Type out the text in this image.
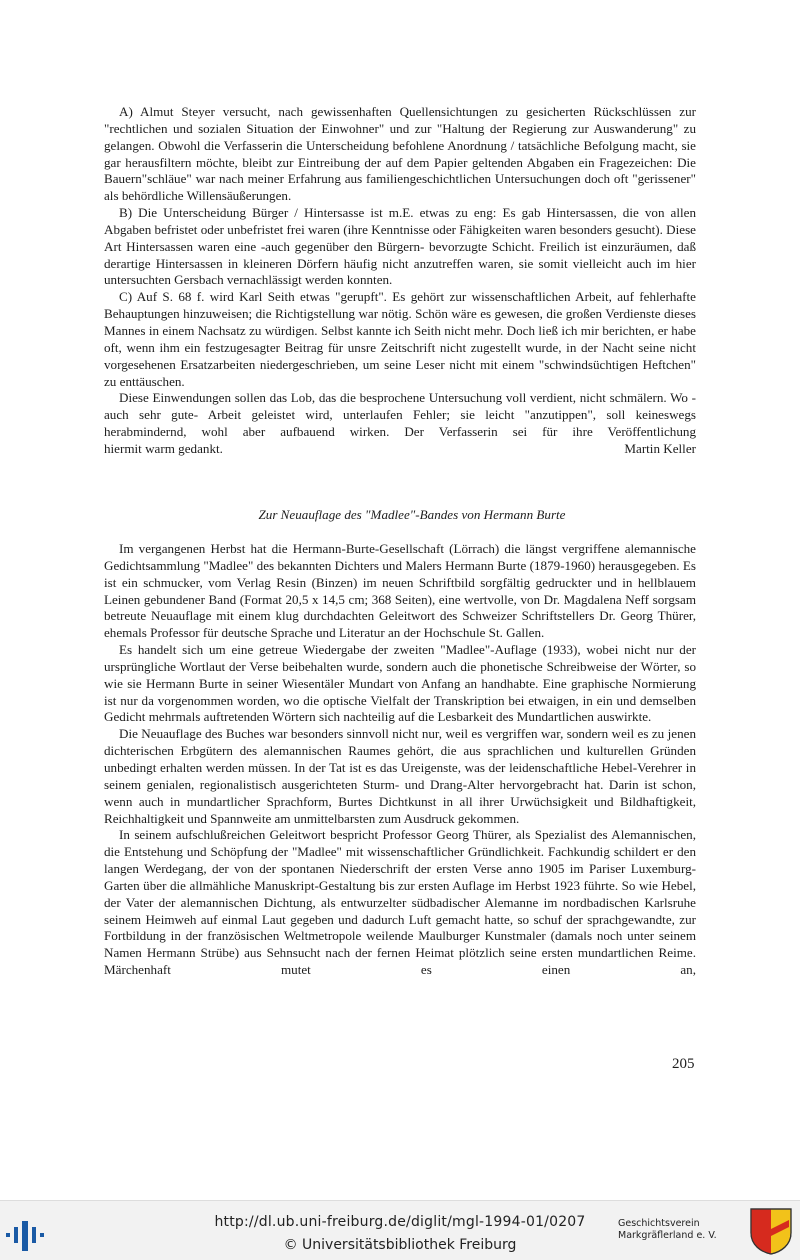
A) Almut Steyer versucht, nach gewissenhaften Quellensichtungen zu gesicherten Rückschlüssen zur "rechtlichen und sozialen Situation der Einwohner" und zur "Haltung der Regierung zur Auswanderung" zu gelangen. Obwohl die Verfasserin die Unterscheidung befohlene Anordnung / tatsächliche Befolgung macht, sie gar herausfiltern möchte, bleibt zur Eintreibung der auf dem Papier geltenden Abgaben ein Fragezeichen: Die Bauern"schläue" war nach meiner Erfahrung aus familiengeschichtlichen Untersuchungen doch oft "gerissener" als behördliche Willensäußerungen.

B) Die Unterscheidung Bürger / Hintersasse ist m.E. etwas zu eng: Es gab Hintersassen, die von allen Abgaben befristet oder unbefristet frei waren (ihre Kenntnisse oder Fähigkeiten waren besonders gesucht). Diese Art Hintersassen waren eine -auch gegenüber den Bürgern- bevorzugte Schicht. Freilich ist einzuräumen, daß derartige Hintersassen in kleineren Dörfern häufig nicht anzutreffen waren, sie somit vielleicht auch im hier untersuchten Gersbach vernachlässigt werden konnten.

C) Auf S. 68 f. wird Karl Seith etwas "gerupft". Es gehört zur wissenschaftlichen Arbeit, auf fehlerhafte Behauptungen hinzuweisen; die Richtigstellung war nötig. Schön wäre es gewesen, die großen Verdienste dieses Mannes in einem Nachsatz zu würdigen. Selbst kannte ich Seith nicht mehr. Doch ließ ich mir berichten, er habe oft, wenn ihm ein festzugesagter Beitrag für unsre Zeitschrift nicht zugestellt wurde, in der Nacht seine nicht vorgesehenen Ersatzarbeiten niedergeschrieben, um seine Leser nicht mit einem "schwindsüchtigen Heftchen" zu enttäuschen.

Diese Einwendungen sollen das Lob, das die besprochene Untersuchung voll verdient, nicht schmälern. Wo -auch sehr gute- Arbeit geleistet wird, unterlaufen Fehler; sie leicht "anzutippen", soll keineswegs herabmindernd, wohl aber aufbauend wirken. Der Verfasserin sei für ihre Veröffentlichung

hiermit warm gedankt.	Martin Keller
Zur Neuauflage des "Madlee"-Bandes von Hermann Burte

Im vergangenen Herbst hat die Hermann-Burte-Gesellschaft (Lörrach) die längst vergriffene alemannische Gedichtsammlung "Madlee" des bekannten Dichters und Malers Hermann Burte (1879-1960) herausgegeben. Es ist ein schmucker, vom Verlag Resin (Binzen) im neuen Schriftbild sorgfältig gedruckter und in hellblauem Leinen gebundener Band (Format 20,5 x 14,5 cm; 368 Seiten), eine wertvolle, von Dr. Magdalena Neff sorgsam betreute Neuauflage mit einem klug durchdachten Geleitwort des Schweizer Schriftstellers Dr. Georg Thürer, ehemals Professor für deutsche Sprache und Literatur an der Hochschule St. Gallen.

Es handelt sich um eine getreue Wiedergabe der zweiten "Madlee"-Auflage (1933), wobei nicht nur der ursprüngliche Wortlaut der Verse beibehalten wurde, sondern auch die phonetische Schreibweise der Wörter, so wie sie Hermann Burte in seiner Wiesentäler Mundart von Anfang an handhabte. Eine graphische Normierung ist nur da vorgenommen worden, wo die optische Vielfalt der Transkription bei etwaigen, in ein und demselben Gedicht mehrmals auftretenden Wörtern sich nachteilig auf die Lesbarkeit des Mundartlichen auswirkte.

Die Neuauflage des Buches war besonders sinnvoll nicht nur, weil es vergriffen war, sondern weil es zu jenen dichterischen Erbgütern des alemannischen Raumes gehört, die aus sprachlichen und kulturellen Gründen unbedingt erhalten werden müssen. In der Tat ist es das Ureigenste, was der leidenschaftliche Hebel-Verehrer in seinem genialen, regionalistisch ausgerichteten Sturm- und Drang-Alter hervorgebracht hat. Darin ist schon, wenn auch in mundartlicher Sprachform, Burtes Dichtkunst in all ihrer Urwüchsigkeit und Bildhaftigkeit, Reichhaltigkeit und Spannweite am unmittelbarsten zum Ausdruck gekommen.

In seinem aufschlußreichen Geleitwort bespricht Professor Georg Thürer, als Spezialist des Alemannischen, die Entstehung und Schöpfung der "Madlee" mit wissenschaftlicher Gründlichkeit. Fachkundig schildert er den langen Werdegang, der von der spontanen Niederschrift der ersten Verse anno 1905 im Pariser Luxemburg-Garten über die allmähliche Manuskript-Gestaltung bis zur ersten Auflage im Herbst 1923 führte. So wie Hebel, der Vater der alemannischen Dichtung, als entwurzelter südbadischer Alemanne im nordbadischen Karlsruhe seinem Heimweh auf einmal Laut gegeben und dadurch Luft gemacht hatte, so schuf der sprachgewandte, zur Fortbildung in der französischen Weltmetropole weilende Maulburger Kunstmaler (damals noch unter seinem Namen Hermann Strübe) aus Sehnsucht nach der fernen Heimat plötzlich seine ersten mundartlichen Reime. Märchenhaft mutet es einen an,

205
http://dl.ub.uni-freiburg.de/diglit/mgl-1994-01/0207
© Universitätsbibliothek Freiburg
Geschichtsverein
Markgräflerland e. V.
